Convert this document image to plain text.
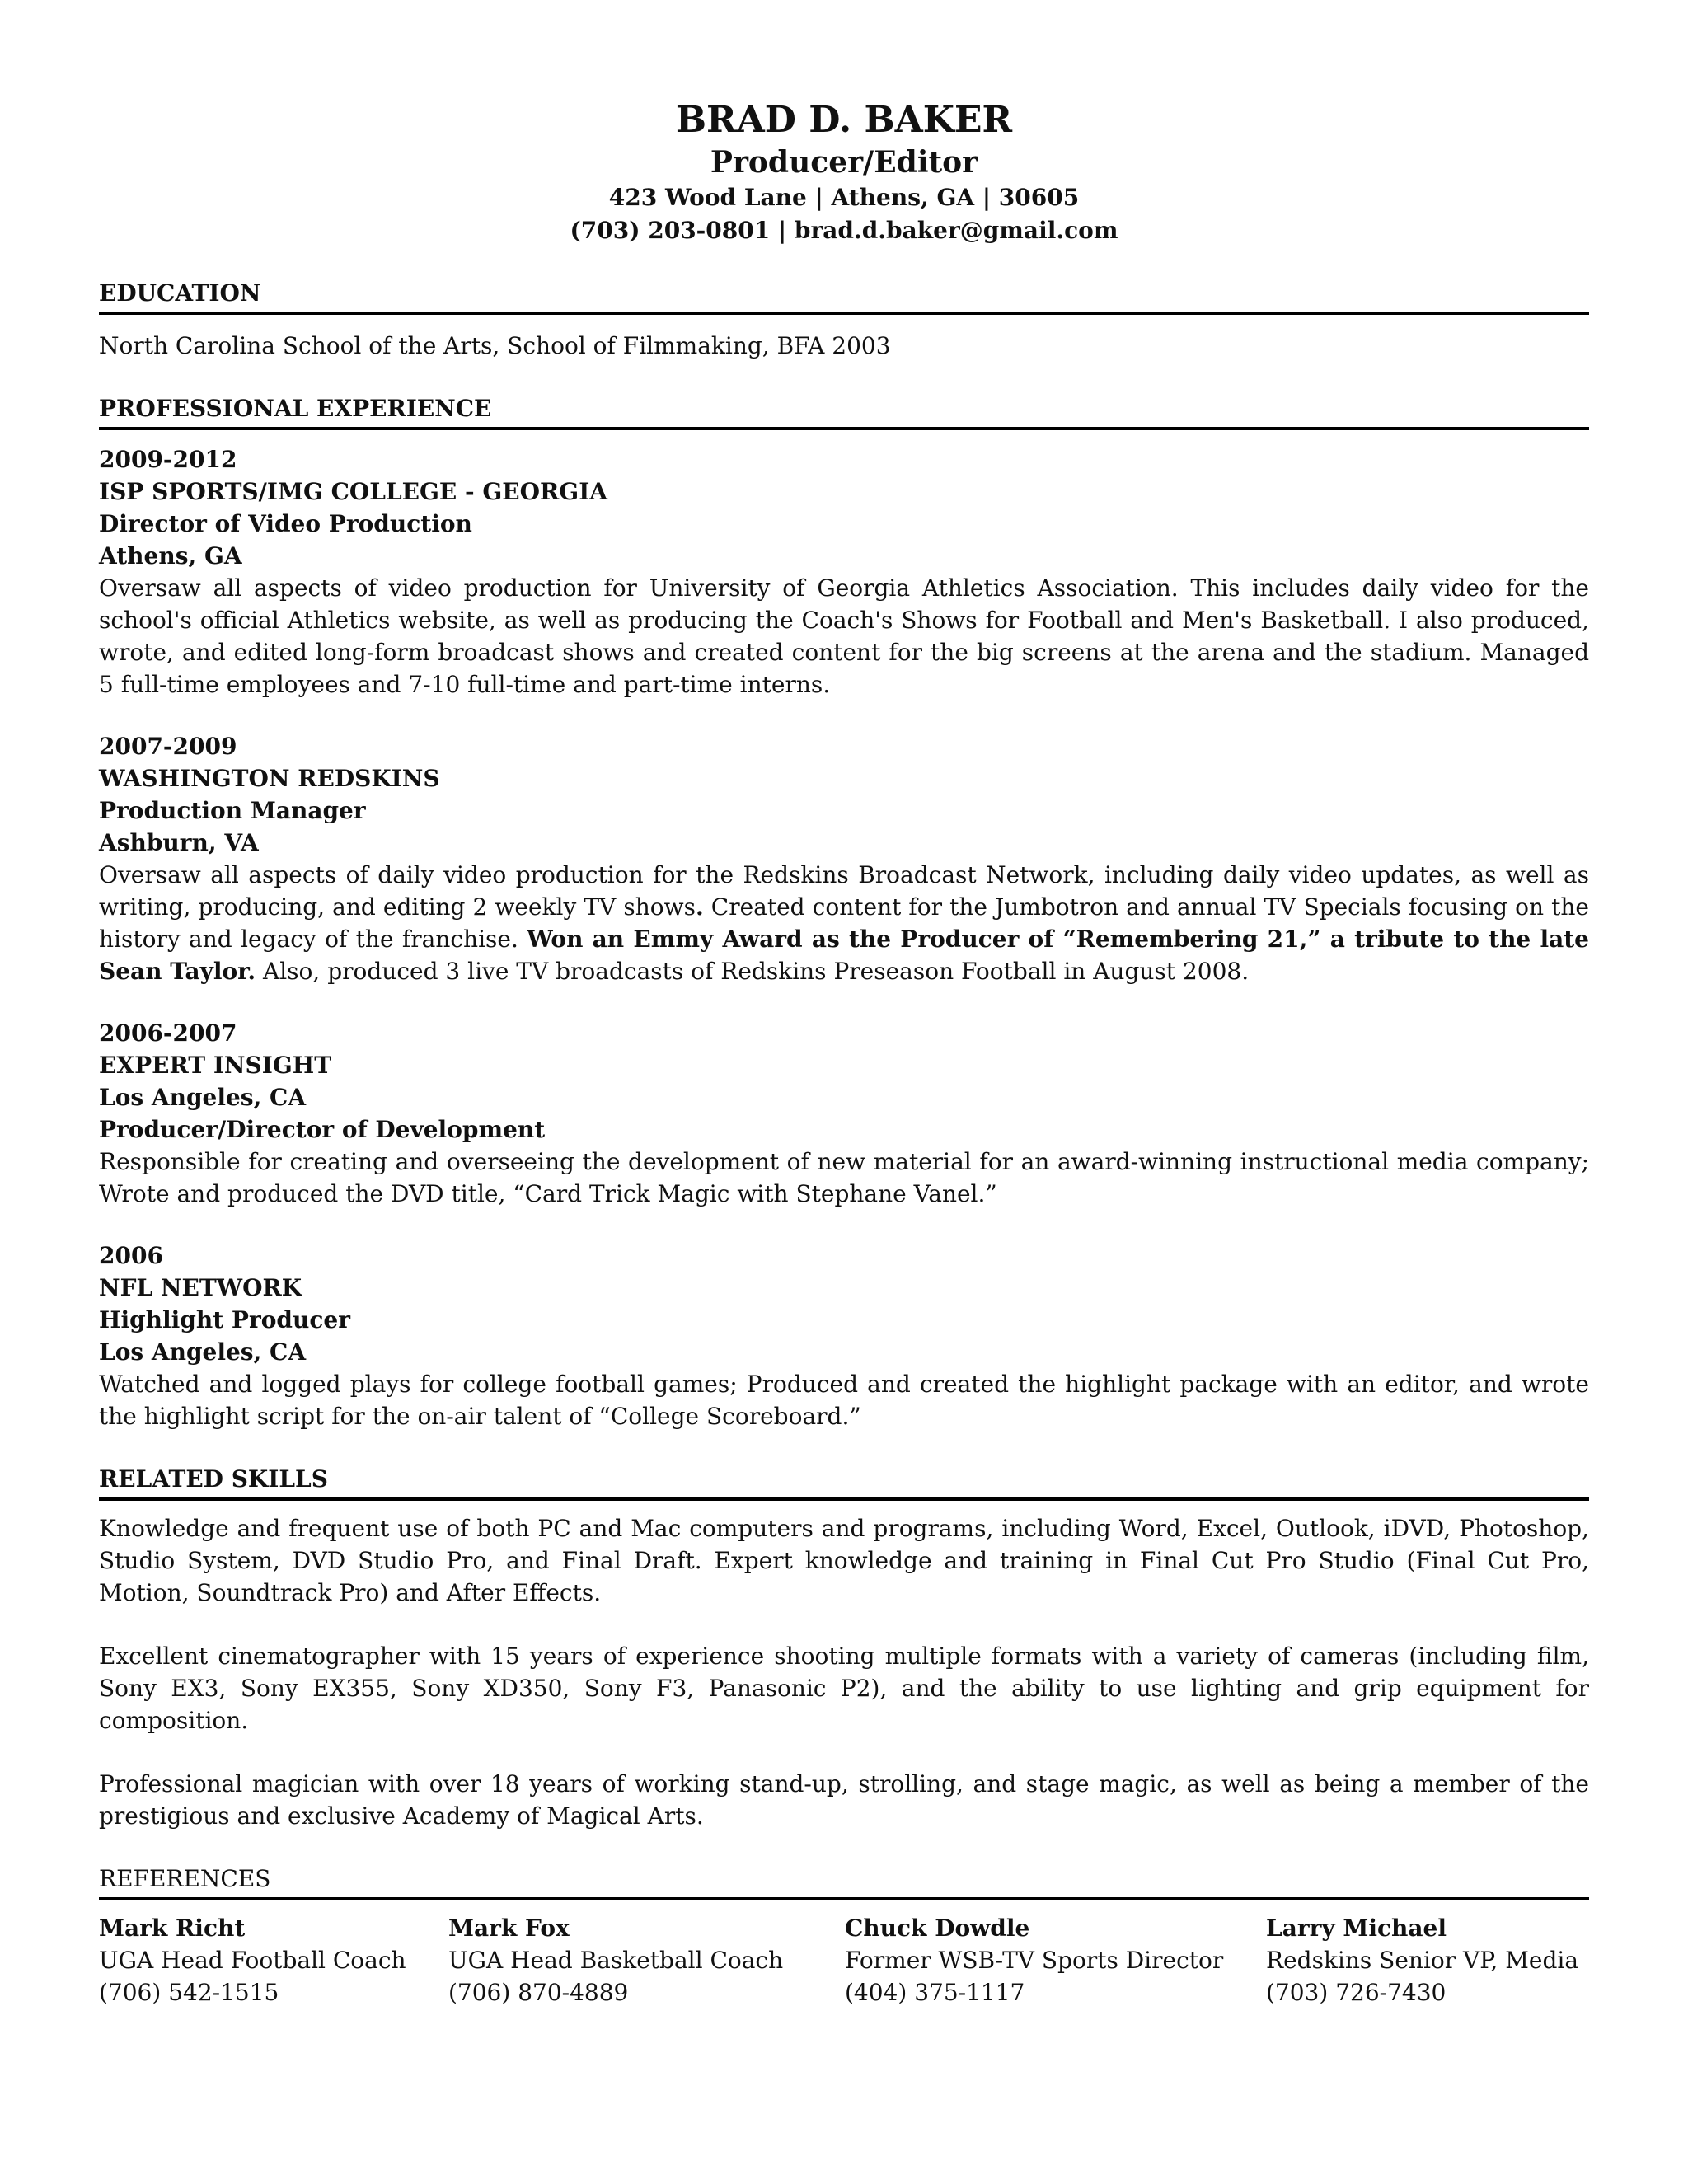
BRAD D. BAKER
Producer/Editor
423 Wood Lane | Athens, GA | 30605
(703) 203-0801 | brad.d.baker@gmail.com
EDUCATION
North Carolina School of the Arts, School of Filmmaking, BFA 2003
PROFESSIONAL EXPERIENCE
2009-2012
ISP SPORTS/IMG COLLEGE - GEORGIA
Director of Video Production
Athens, GA
Oversaw all aspects of video production for University of Georgia Athletics Association. This includes daily video for the school's official Athletics website, as well as producing the Coach's Shows for Football and Men's Basketball. I also produced, wrote, and edited long-form broadcast shows and created content for the big screens at the arena and the stadium. Managed 5 full-time employees and 7-10 full-time and part-time interns.
2007-2009
WASHINGTON REDSKINS
Production Manager
Ashburn, VA
Oversaw all aspects of daily video production for the Redskins Broadcast Network, including daily video updates, as well as writing, producing, and editing 2 weekly TV shows. Created content for the Jumbotron and annual TV Specials focusing on the history and legacy of the franchise. Won an Emmy Award as the Producer of “Remembering 21,” a tribute to the late Sean Taylor. Also, produced 3 live TV broadcasts of Redskins Preseason Football in August 2008.
2006-2007
EXPERT INSIGHT
Los Angeles, CA
Producer/Director of Development
Responsible for creating and overseeing the development of new material for an award-winning instructional media company; Wrote and produced the DVD title, “Card Trick Magic with Stephane Vanel.”
2006
NFL NETWORK
Highlight Producer
Los Angeles, CA
Watched and logged plays for college football games; Produced and created the highlight package with an editor, and wrote the highlight script for the on-air talent of “College Scoreboard.”
RELATED SKILLS
Knowledge and frequent use of both PC and Mac computers and programs, including Word, Excel, Outlook, iDVD, Photoshop, Studio System, DVD Studio Pro, and Final Draft. Expert knowledge and training in Final Cut Pro Studio (Final Cut Pro, Motion, Soundtrack Pro) and After Effects.
Excellent cinematographer with 15 years of experience shooting multiple formats with a variety of cameras (including film, Sony EX3, Sony EX355, Sony XD350, Sony F3, Panasonic P2), and the ability to use lighting and grip equipment for composition.
Professional magician with over 18 years of working stand-up, strolling, and stage magic, as well as being a member of the prestigious and exclusive Academy of Magical Arts.
REFERENCES
Mark Richt
UGA Head Football Coach
(706) 542-1515
Mark Fox
UGA Head Basketball Coach
(706) 870-4889
Chuck Dowdle
Former WSB-TV Sports Director
(404) 375-1117
Larry Michael
Redskins Senior VP, Media
(703) 726-7430
